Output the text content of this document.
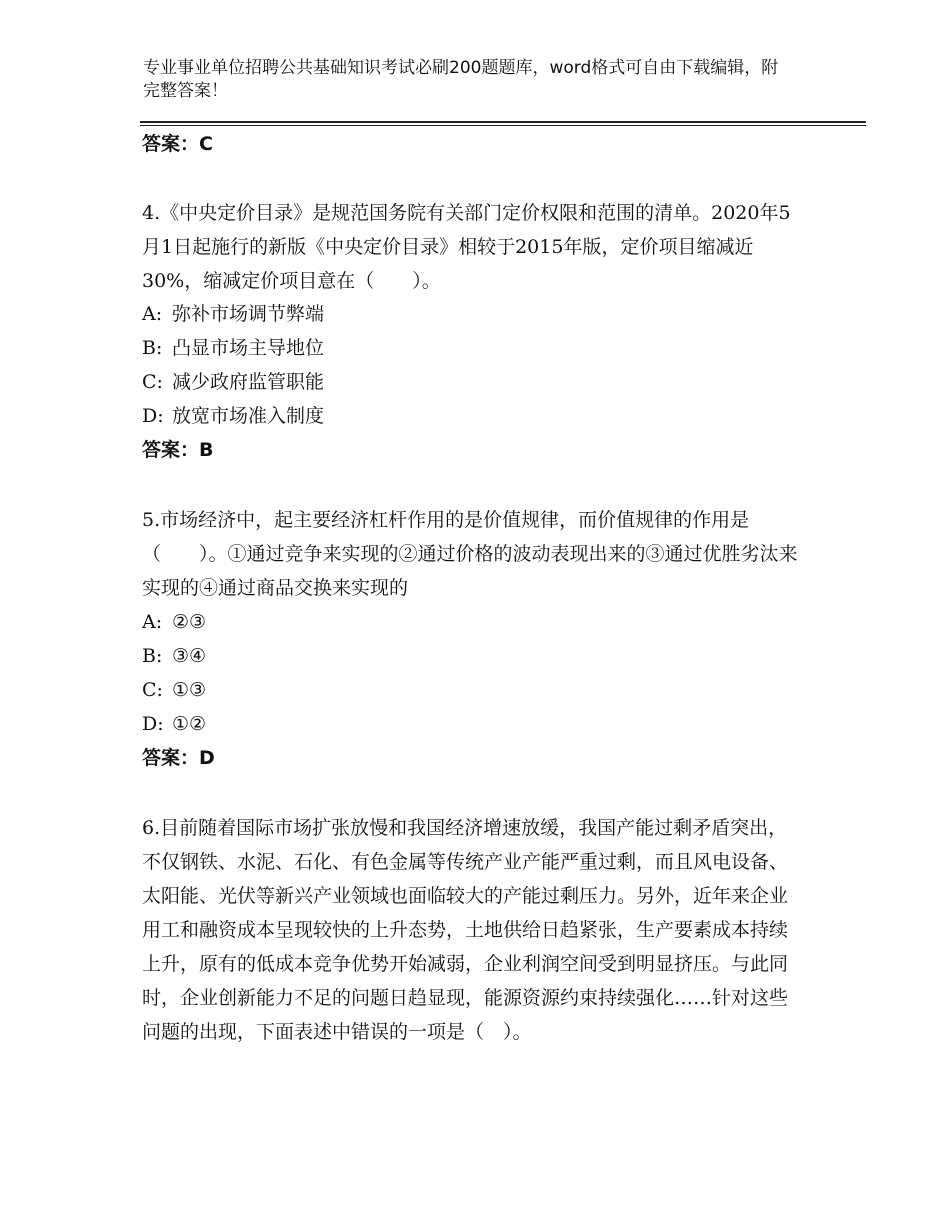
专业事业单位招聘公共基础知识考试必刷200题题库，word格式可自由下载编辑，附完整答案！
答案：C
4.《中央定价目录》是规范国务院有关部门定价权限和范围的清单。2020年5月1日起施行的新版《中央定价目录》相较于2015年版，定价项目缩减近30%，缩减定价项目意在（　　）。
A: 弥补市场调节弊端
B: 凸显市场主导地位
C: 减少政府监管职能
D: 放宽市场准入制度
答案：B
5.市场经济中，起主要经济杠杆作用的是价值规律，而价值规律的作用是（　　）。①通过竞争来实现的②通过价格的波动表现出来的③通过优胜劣汰来实现的④通过商品交换来实现的
A: ②③
B: ③④
C: ①③
D: ①②
答案：D
6.目前随着国际市场扩张放慢和我国经济增速放缓，我国产能过剩矛盾突出，不仅钢铁、水泥、石化、有色金属等传统产业产能严重过剩，而且风电设备、太阳能、光伏等新兴产业领域也面临较大的产能过剩压力。另外，近年来企业用工和融资成本呈现较快的上升态势，土地供给日趋紧张，生产要素成本持续上升，原有的低成本竞争优势开始减弱，企业利润空间受到明显挤压。与此同时，企业创新能力不足的问题日趋显现，能源资源约束持续强化……针对这些问题的出现，下面表述中错误的一项是（　）。
